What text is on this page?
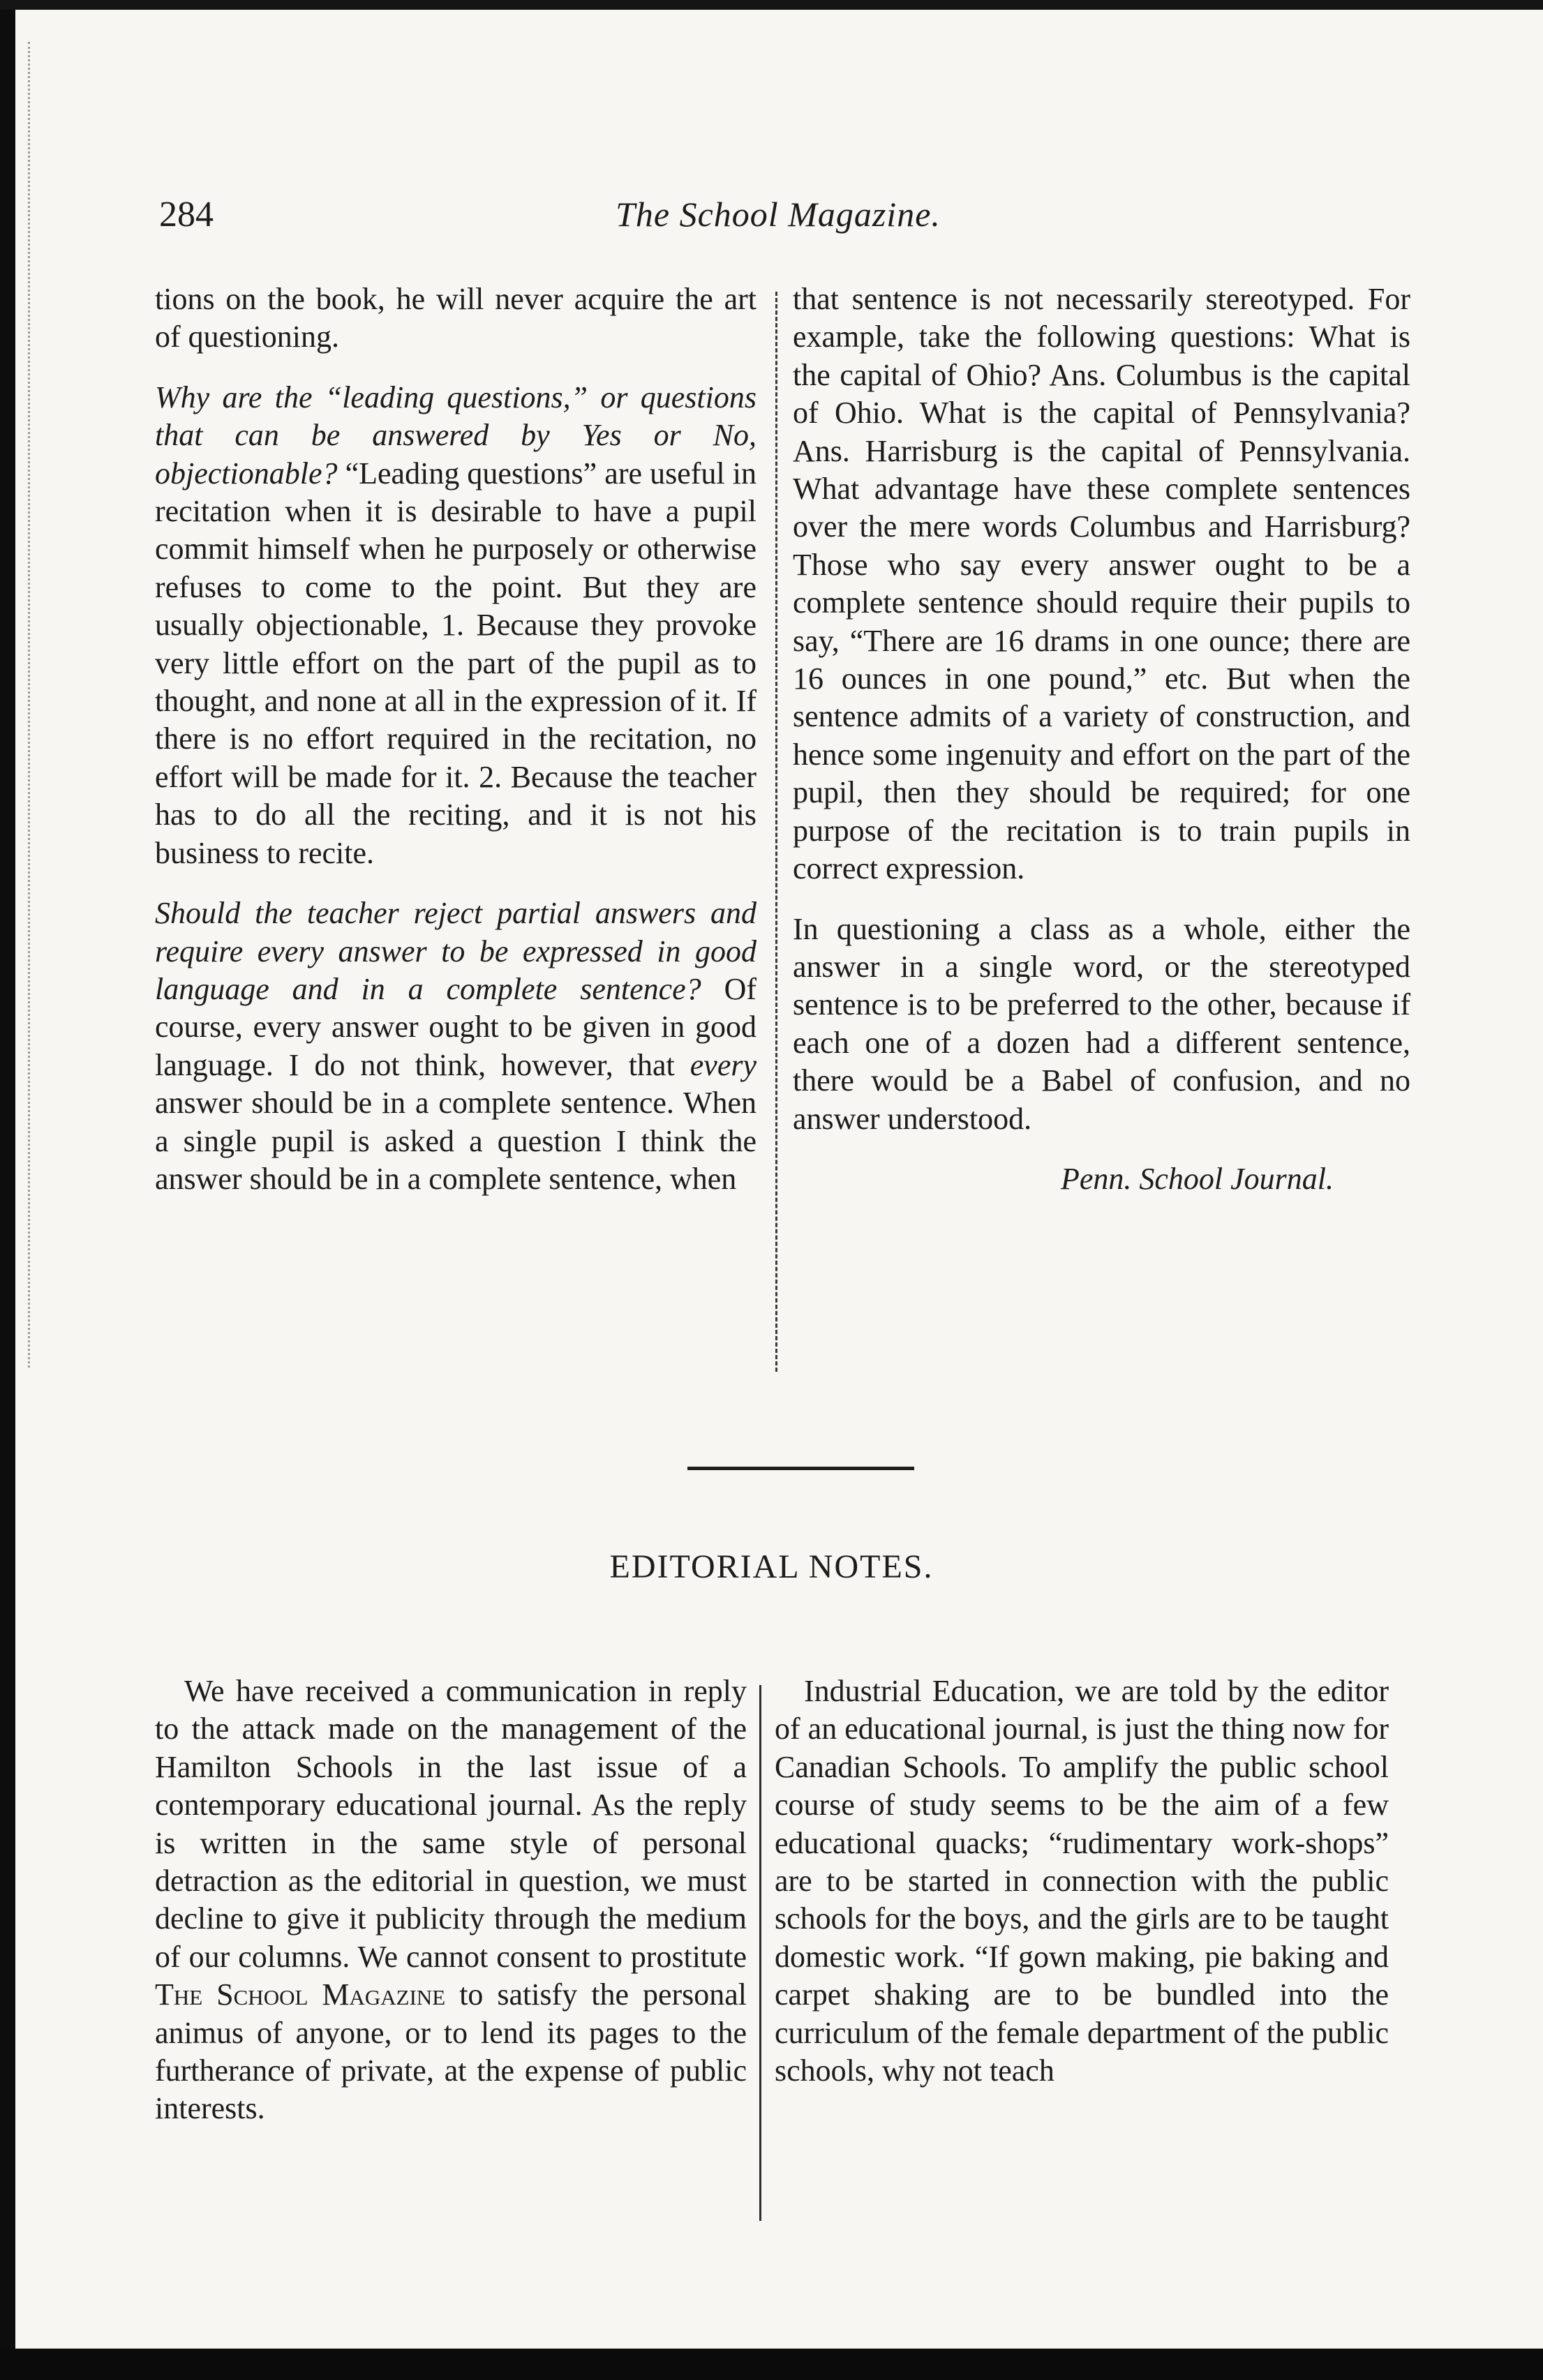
284	The School Magazine.

tions on the book, he will never acquire the art of questioning.

Why are the “leading questions,” or questions that can be answered by Yes or No, objectionable? “Leading questions” are useful in recitation when it is desirable to have a pupil commit himself when he purposely or otherwise refuses to come to the point. But they are usually objectionable, 1. Because they provoke very little effort on the part of the pupil as to thought, and none at all in the expression of it. If there is no effort required in the recitation, no effort will be made for it. 2. Because the teacher has to do all the reciting, and it is not his business to recite.

Should the teacher reject partial answers and require every answer to be expressed in good language and in a complete sentence? Of course, every answer ought to be given in good language. I do not think, however, that every answer should be in a complete sentence. When a single pupil is asked a question I think the answer should be in a complete sentence, when

that sentence is not necessarily stereotyped. For example, take the following questions: What is the capital of Ohio? Ans. Columbus is the capital of Ohio. What is the capital of Pennsylvania? Ans. Harrisburg is the capital of Pennsylvania. What advantage have these complete sentences over the mere words Columbus and Harrisburg? Those who say every answer ought to be a complete sentence should require their pupils to say, “There are 16 drams in one ounce; there are 16 ounces in one pound,” etc. But when the sentence admits of a variety of construction, and hence some ingenuity and effort on the part of the pupil, then they should be required; for one purpose of the recitation is to train pupils in correct expression.

In questioning a class as a whole, either the answer in a single word, or the stereotyped sentence is to be preferred to the other, because if each one of a dozen had a different sentence, there would be a Babel of confusion, and no answer understood.

Penn. School Journal.

EDITORIAL NOTES.

We have received a communication in reply to the attack made on the management of the Hamilton Schools in the last issue of a contemporary educational journal. As the reply is written in the same style of personal detraction as the editorial in question, we must decline to give it publicity through the medium of our columns. We cannot consent to prostitute The School Magazine to satisfy the personal animus of anyone, or to lend its pages to the furtherance of private, at the expense of public interests.

Industrial Education, we are told by the editor of an educational journal, is just the thing now for Canadian Schools. To amplify the public school course of study seems to be the aim of a few educational quacks; “rudimentary work-shops” are to be started in connection with the public schools for the boys, and the girls are to be taught domestic work. “If gown making, pie baking and carpet shaking are to be bundled into the curriculum of the female department of the public schools, why not teach
